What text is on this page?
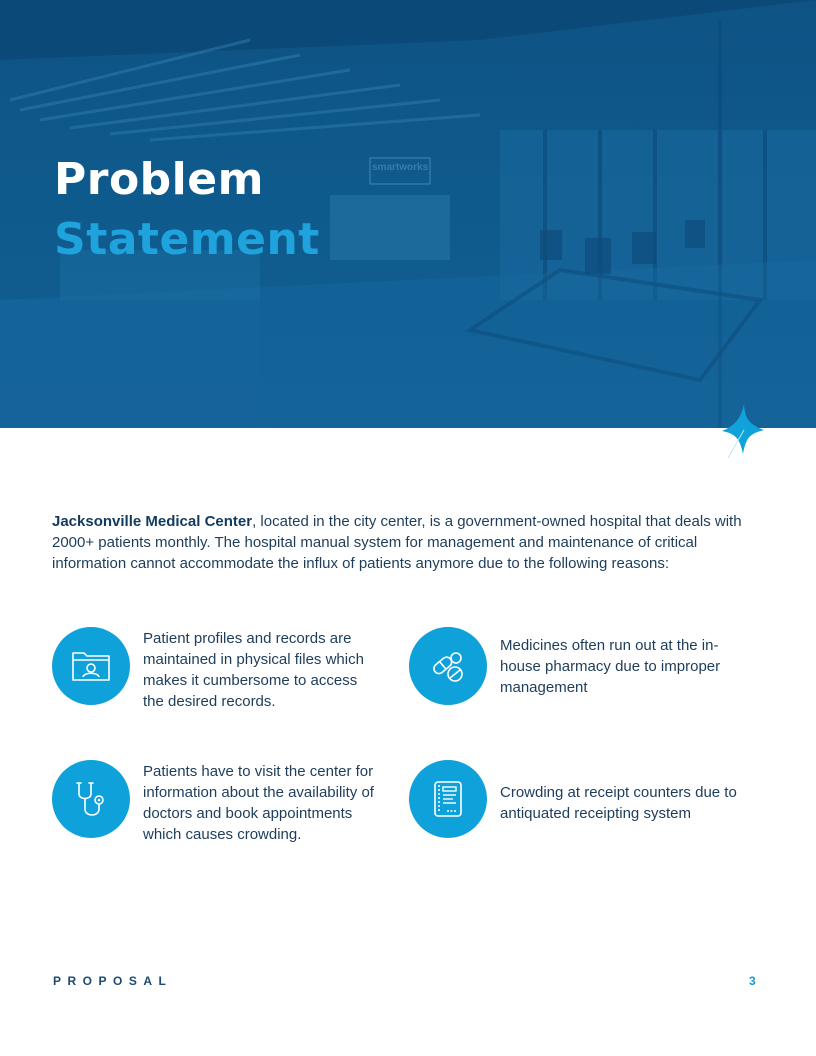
smartworks
Problem
Statement

Jacksonville Medical Center, located in the city center, is a government-owned hospital that deals with 2000+ patients monthly. The hospital manual system for management and maintenance of critical information cannot accommodate the influx of patients anymore due to the following reasons:

Patient profiles and records are maintained in physical files which makes it cumbersome to access the desired records.

Medicines often run out at the in-house pharmacy due to improper management

Patients have to visit the center for information about the availability of doctors and book appointments which causes crowding.

Crowding at receipt counters due to antiquated receipting system

PROPOSAL	3
